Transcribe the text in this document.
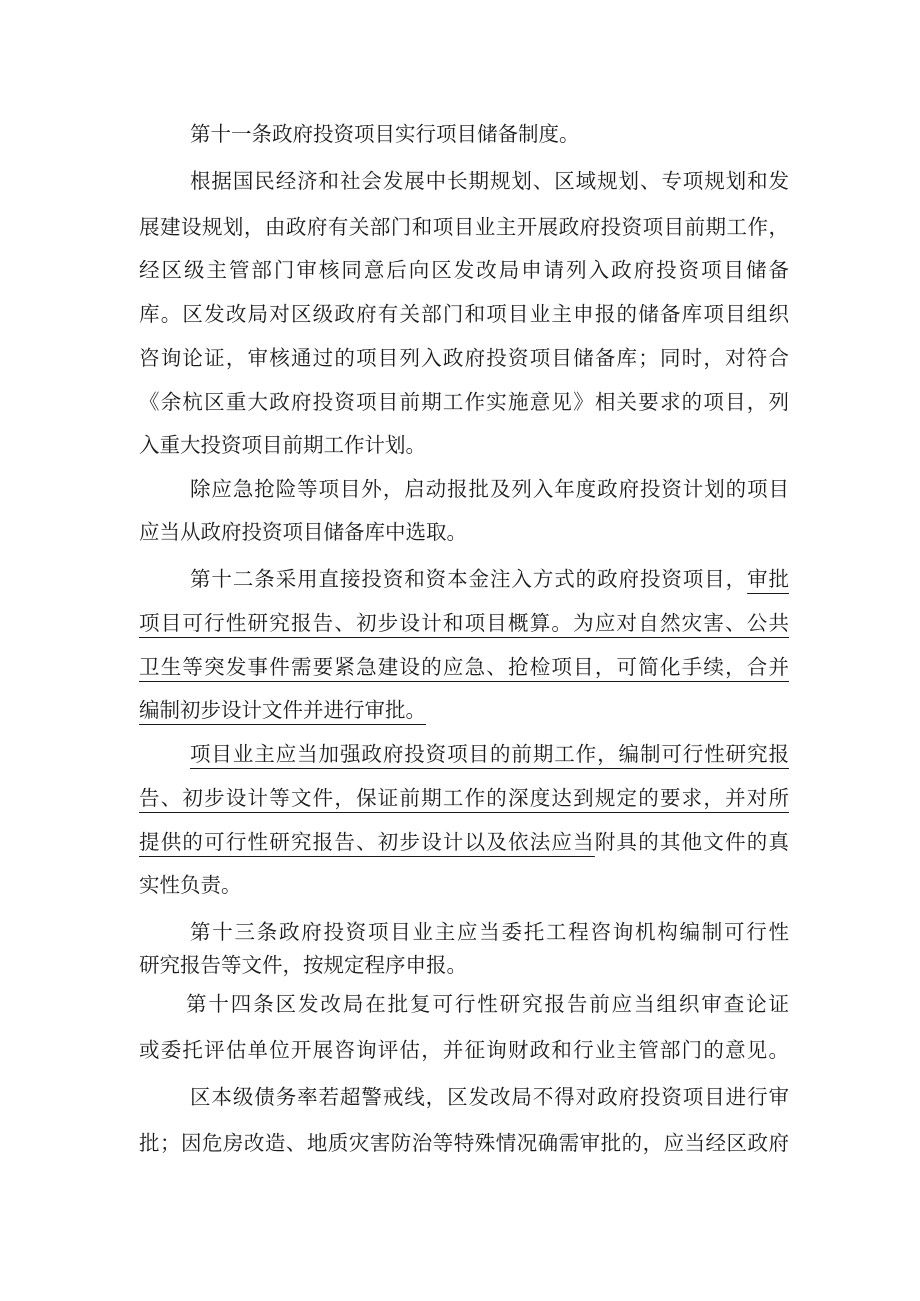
第十一条政府投资项目实行项目储备制度。
根据国民经济和社会发展中长期规划、区域规划、专项规划和发
展建设规划，由政府有关部门和项目业主开展政府投资项目前期工作，
经区级主管部门审核同意后向区发改局申请列入政府投资项目储备
库。区发改局对区级政府有关部门和项目业主申报的储备库项目组织
咨询论证，审核通过的项目列入政府投资项目储备库；同时，对符合
《余杭区重大政府投资项目前期工作实施意见》相关要求的项目，列
入重大投资项目前期工作计划。
除应急抢险等项目外，启动报批及列入年度政府投资计划的项目
应当从政府投资项目储备库中选取。
第十二条采用直接投资和资本金注入方式的政府投资项目，审批
项目可行性研究报告、初步设计和项目概算。为应对自然灾害、公共
卫生等突发事件需要紧急建设的应急、抢检项目，可简化手续，合并
编制初步设计文件并进行审批。
项目业主应当加强政府投资项目的前期工作，编制可行性研究报
告、初步设计等文件，保证前期工作的深度达到规定的要求，并对所
提供的可行性研究报告、初步设计以及依法应当附具的其他文件的真
实性负责。
第十三条政府投资项目业主应当委托工程咨询机构编制可行性
研究报告等文件，按规定程序申报。
第十四条区发改局在批复可行性研究报告前应当组织审查论证
或委托评估单位开展咨询评估，并征询财政和行业主管部门的意见。
区本级债务率若超警戒线，区发改局不得对政府投资项目进行审
批；因危房改造、地质灾害防治等特殊情况确需审批的，应当经区政府
